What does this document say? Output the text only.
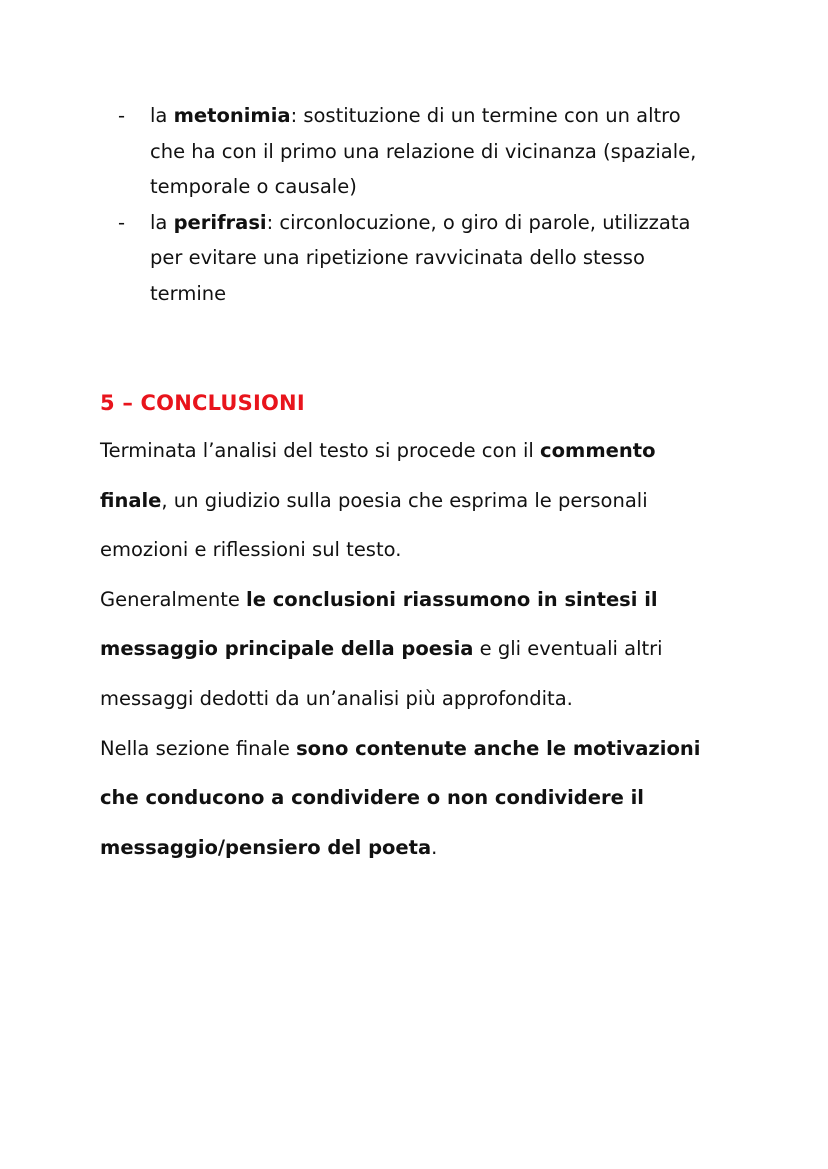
- la metonimia: sostituzione di un termine con un altro
che ha con il primo una relazione di vicinanza (spaziale,
temporale o causale)
- la perifrasi: circonlocuzione, o giro di parole, utilizzata
per evitare una ripetizione ravvicinata dello stesso
termine
5 – CONCLUSIONI

Terminata l’analisi del testo si procede con il commento

finale, un giudizio sulla poesia che esprima le personali

emozioni e riflessioni sul testo.

Generalmente le conclusioni riassumono in sintesi il

messaggio principale della poesia e gli eventuali altri

messaggi dedotti da un’analisi più approfondita.

Nella sezione finale sono contenute anche le motivazioni

che conducono a condividere o non condividere il

messaggio/pensiero del poeta.
